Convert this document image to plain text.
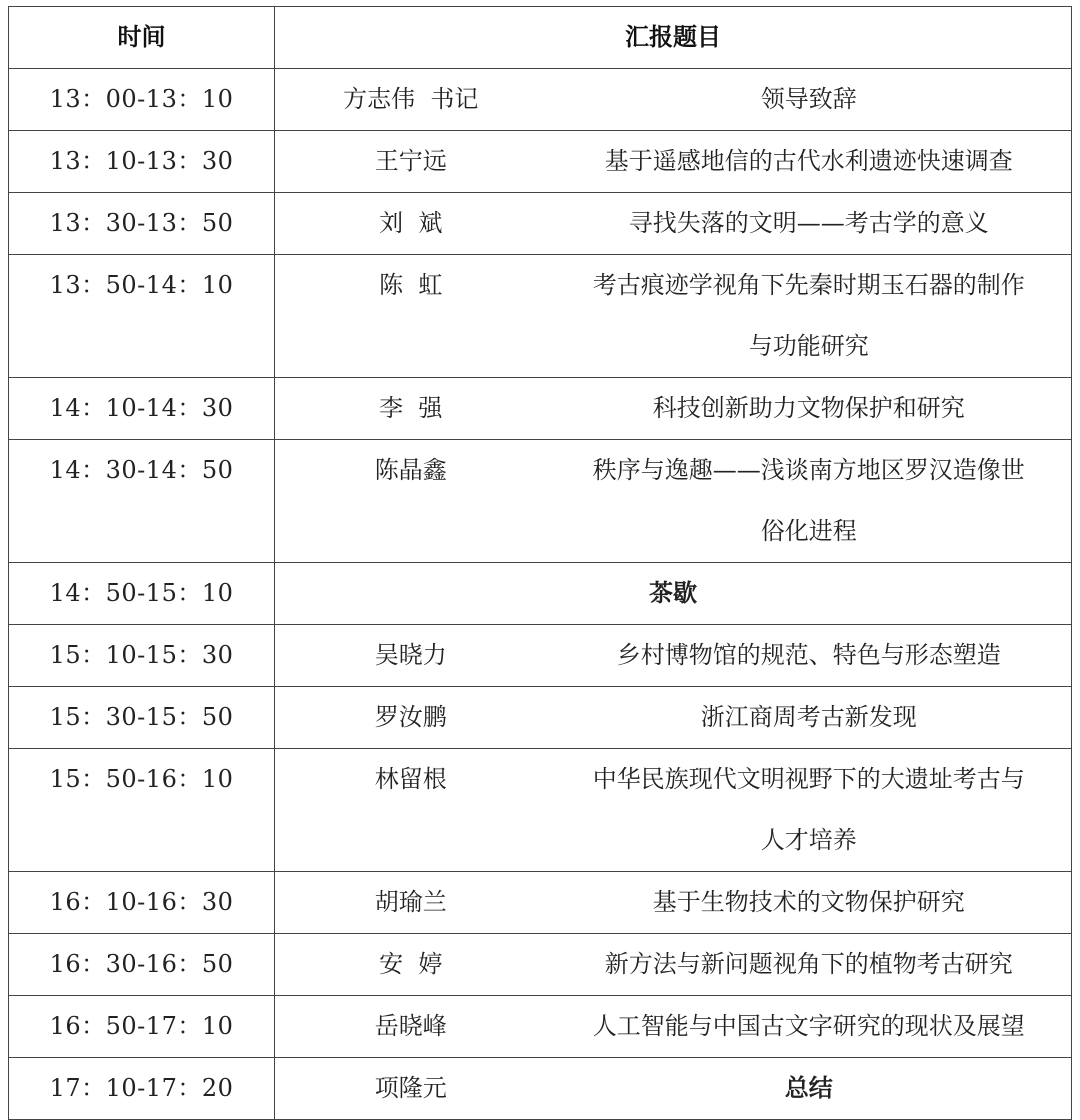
时间	汇报题目	
13：00-13：10	方志伟  书记	领导致辞
13：10-13：30	王宁远	基于遥感地信的古代水利遗迹快速调查
13：30-13：50	刘  斌	寻找失落的文明——考古学的意义
13：50-14：10	陈  虹	考古痕迹学视角下先秦时期玉石器的制作
与功能研究

14：10-14：30	李  强	科技创新助力文物保护和研究
14：30-14：50	陈晶鑫	秩序与逸趣——浅谈南方地区罗汉造像世
俗化进程

14：50-15：10	茶歇	
15：10-15：30	吴晓力	乡村博物馆的规范、特色与形态塑造
15：30-15：50	罗汝鹏	浙江商周考古新发现
15：50-16：10	林留根	中华民族现代文明视野下的大遗址考古与
人才培养

16：10-16：30	胡瑜兰	基于生物技术的文物保护研究
16：30-16：50	安  婷	新方法与新问题视角下的植物考古研究
16：50-17：10	岳晓峰	人工智能与中国古文字研究的现状及展望
17：10-17：20	项隆元	总结
